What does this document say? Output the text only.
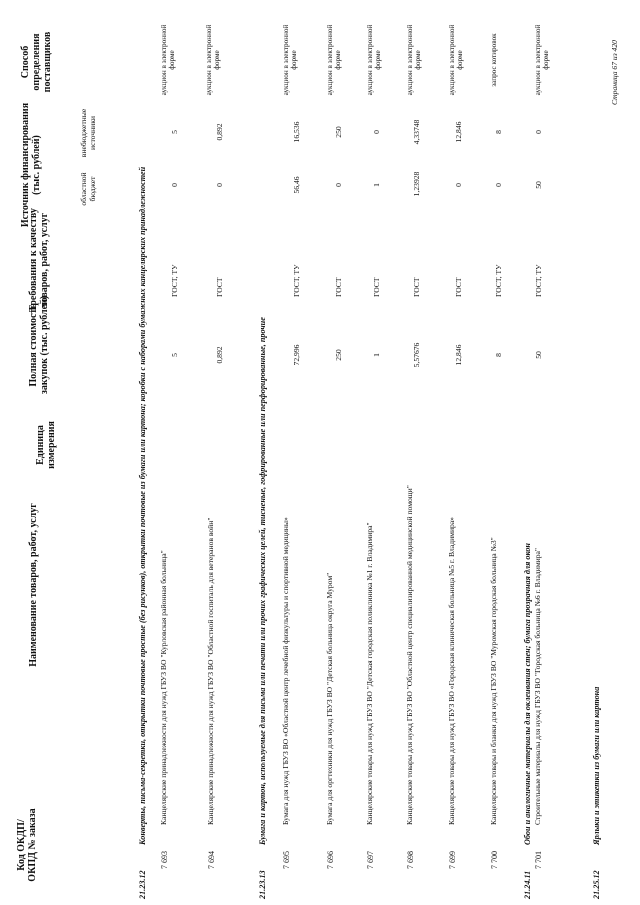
Код ОКДП/ ОКПД № заказа
Наименование товаров, работ, услуг
Единица измерения
Полная стоимость закупок (тыс. рублей)
Требования к качеству товаров, работ, услуг
Источник финансирования (тыс. рублей)	областной бюджет
внебюджетные источники
Способ определения поставщиков
21.23.12
Конверты, письма-секретки, открытки почтовые простые (без рисунков), открытки почтовые из бумаги или картона; коробки с наборами бумажных канцелярских принадлежностей
7 693
Канцелярские принадлежности для нужд ГБУЗ ВО "Курловская районная больница"
5
ГОСТ, ТУ
0
5
аукцион в электронной форме
7 694
Канцелярские принадлежности для нужд ГБУЗ ВО "Областной госпиталь для ветеранов войн"
0,892
ГОСТ
0
0,892
аукцион в электронной форме
21.23.13
Бумага и картон, используемые для письма или печати или прочих графических целей, тисненые, гофрированные или перфорированные, прочие
7 695
Бумага для нужд ГБУЗ ВО «Областной центр лечебной физкультуры и спортивной медицины»
72,996
ГОСТ, ТУ
56,46
16,536
аукцион в электронной форме
7 696
Бумага для оргтехники для нужд ГБУЗ ВО "Детская больница округа Муром"
250
ГОСТ
0
250
аукцион в электронной форме
7 697
Канцелярские товары для нужд ГБУЗ ВО "Детская городская поликлиника №1 г. Владимира"
1
ГОСТ
1
0
аукцион в электронной форме
7 698
Канцелярские товары для нужд ГБУЗ ВО "Областной центр специализированной медицинской помощи"
5,57676
ГОСТ
1,23928
4,33748
аукцион в электронной форме
7 699
Канцелярские товары для нужд ГБУЗ ВО «Городская клиническая больница №5 г. Владимира»
12,846
ГОСТ
0
12,846
аукцион в электронной форме
7 700
Канцелярские товары и бланки для нужд ГБУЗ ВО "Муромская городская больница №3"
8
ГОСТ, ТУ
0
8
запрос котировок
21.24.11
Обои и аналогичные материалы для оклеивания стен; бумага прозрачная для окон
7 701
Строительные материалы для нужд ГБУЗ ВО "Городская больница №6 г. Владимира"
50
ГОСТ, ТУ
50
0
аукцион в электронной форме
21.25.12
Ярлыки и этикетки из бумаги или картона
Страница 67 из 420
